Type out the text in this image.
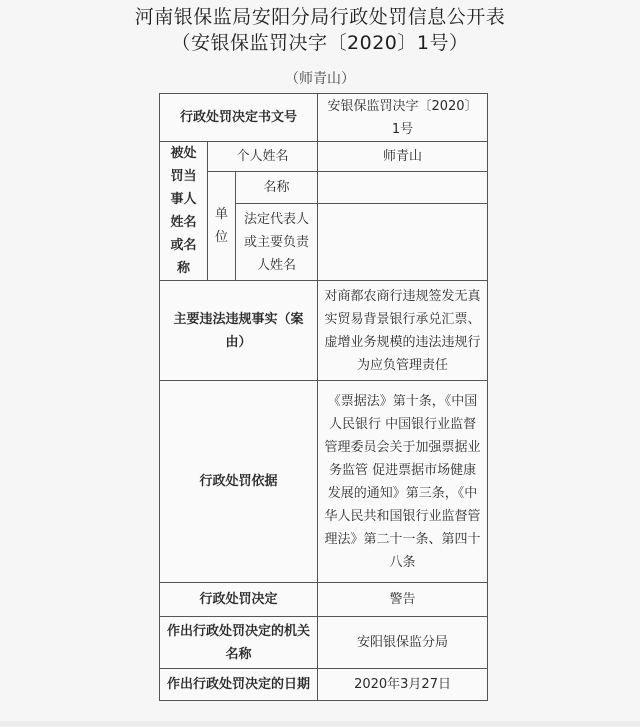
河南银保监局安阳分局行政处罚信息公开表
（安银保监罚决字〔2020〕1号）
（师青山）
行政处罚决定书文号			安银保监罚决字〔2020〕1号
被处罚当事人姓名或名称	个人姓名		师青山
	单位	名称	
		法定代表人或主要负责人姓名	
主要违法违规事实（案由）			对商都农商行违规签发无真实贸易背景银行承兑汇票、虚增业务规模的违法违规行为应负管理责任
行政处罚依据			《票据法》第十条，《中国人民银行 中国银行业监督管理委员会关于加强票据业务监管 促进票据市场健康发展的通知》第三条，《中华人民共和国银行业监督管理法》第二十一条、第四十八条
行政处罚决定			警告
作出行政处罚决定的机关名称			安阳银保监分局
作出行政处罚决定的日期			2020年3月27日
